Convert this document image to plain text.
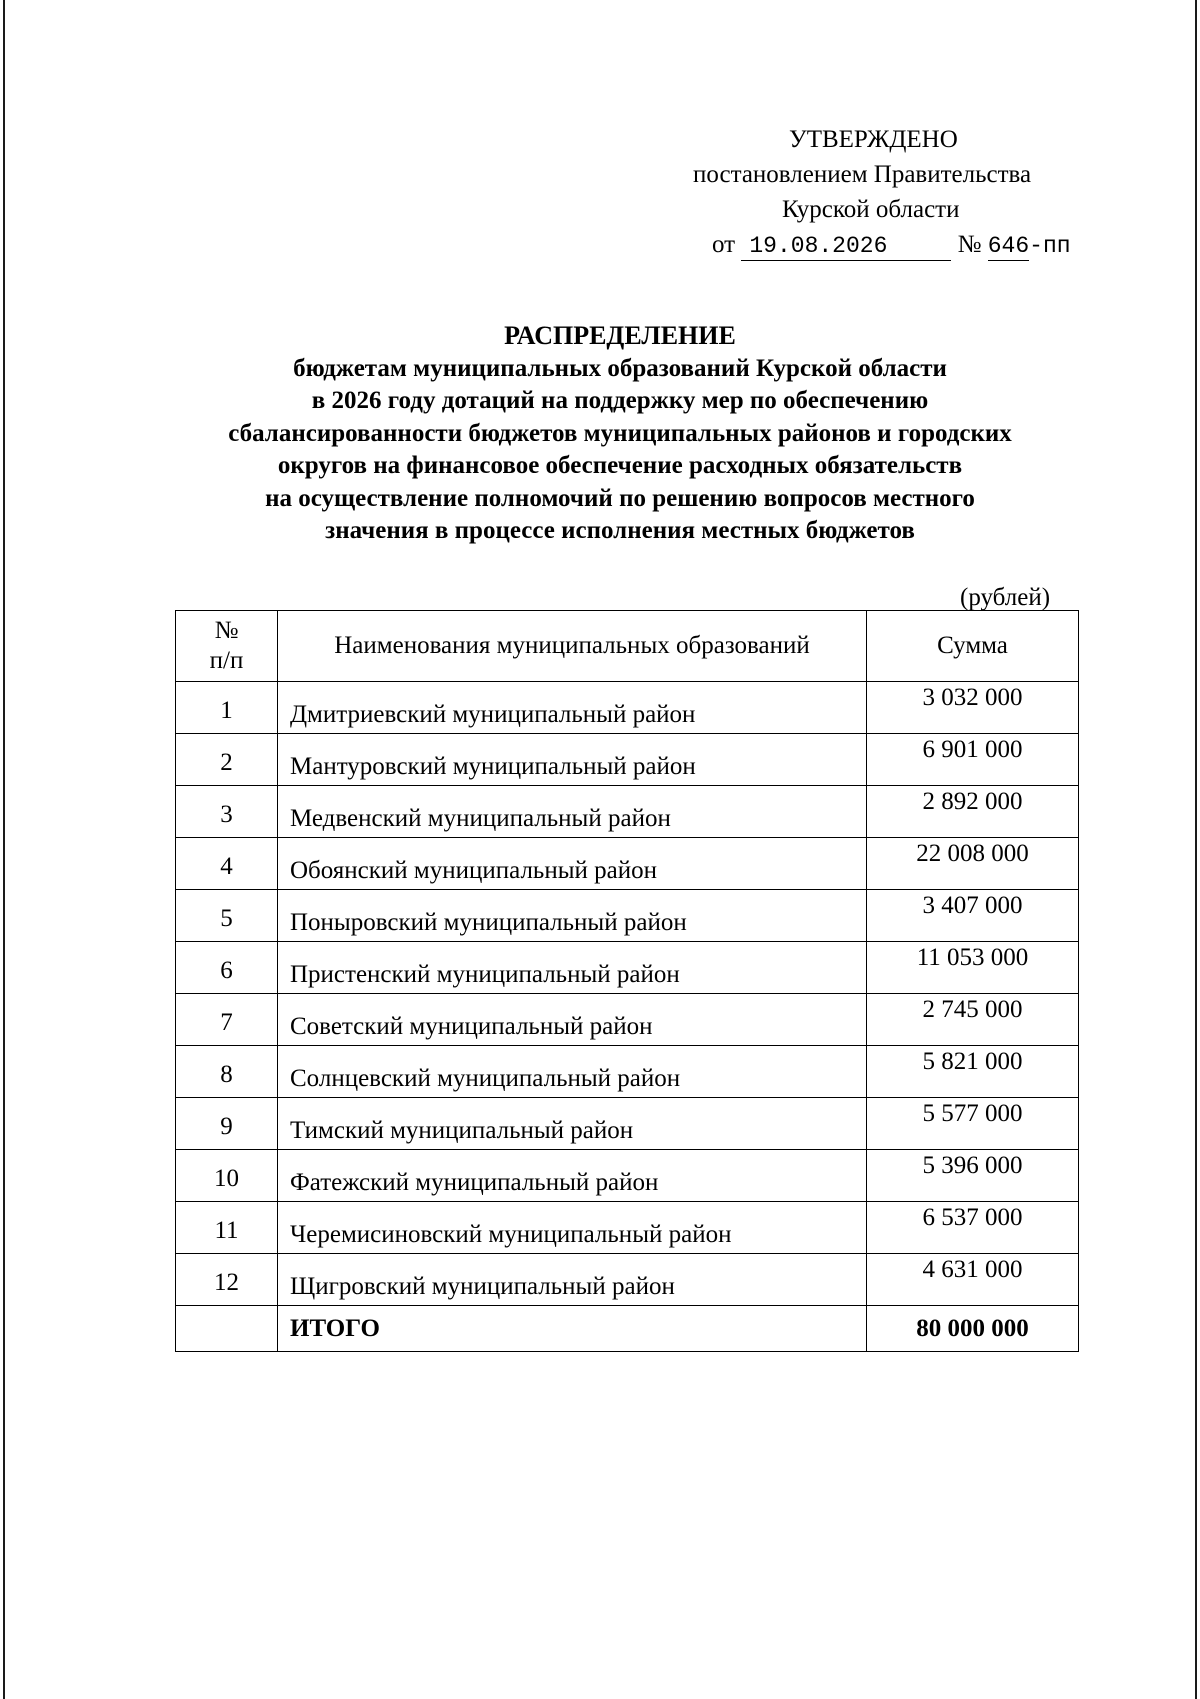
УТВЕРЖДЕНО
постановлением Правительства
Курской области
от 19.08.2026	№ 646-пп
РАСПРЕДЕЛЕНИЕ
бюджетам муниципальных образований Курской области
в 2026 году дотаций на поддержку мер по обеспечению
сбалансированности бюджетов муниципальных районов и городских
округов на финансовое обеспечение расходных обязательств
на осуществление полномочий по решению вопросов местного
значения в процессе исполнения местных бюджетов
(рублей)
№
п/п	Наименования муниципальных образований	Сумма
1	Дмитриевский муниципальный район	3 032 000
2	Мантуровский муниципальный район	6 901 000
3	Медвенский муниципальный район	2 892 000
4	Обоянский муниципальный район	22 008 000
5	Поныровский муниципальный район	3 407 000
6	Пристенский муниципальный район	11 053 000
7	Советский муниципальный район	2 745 000
8	Солнцевский муниципальный район	5 821 000
9	Тимский муниципальный район	5 577 000
10	Фатежский муниципальный район	5 396 000
11	Черемисиновский муниципальный район	6 537 000
12	Щигровский муниципальный район	4 631 000
	ИТОГО	80 000 000
